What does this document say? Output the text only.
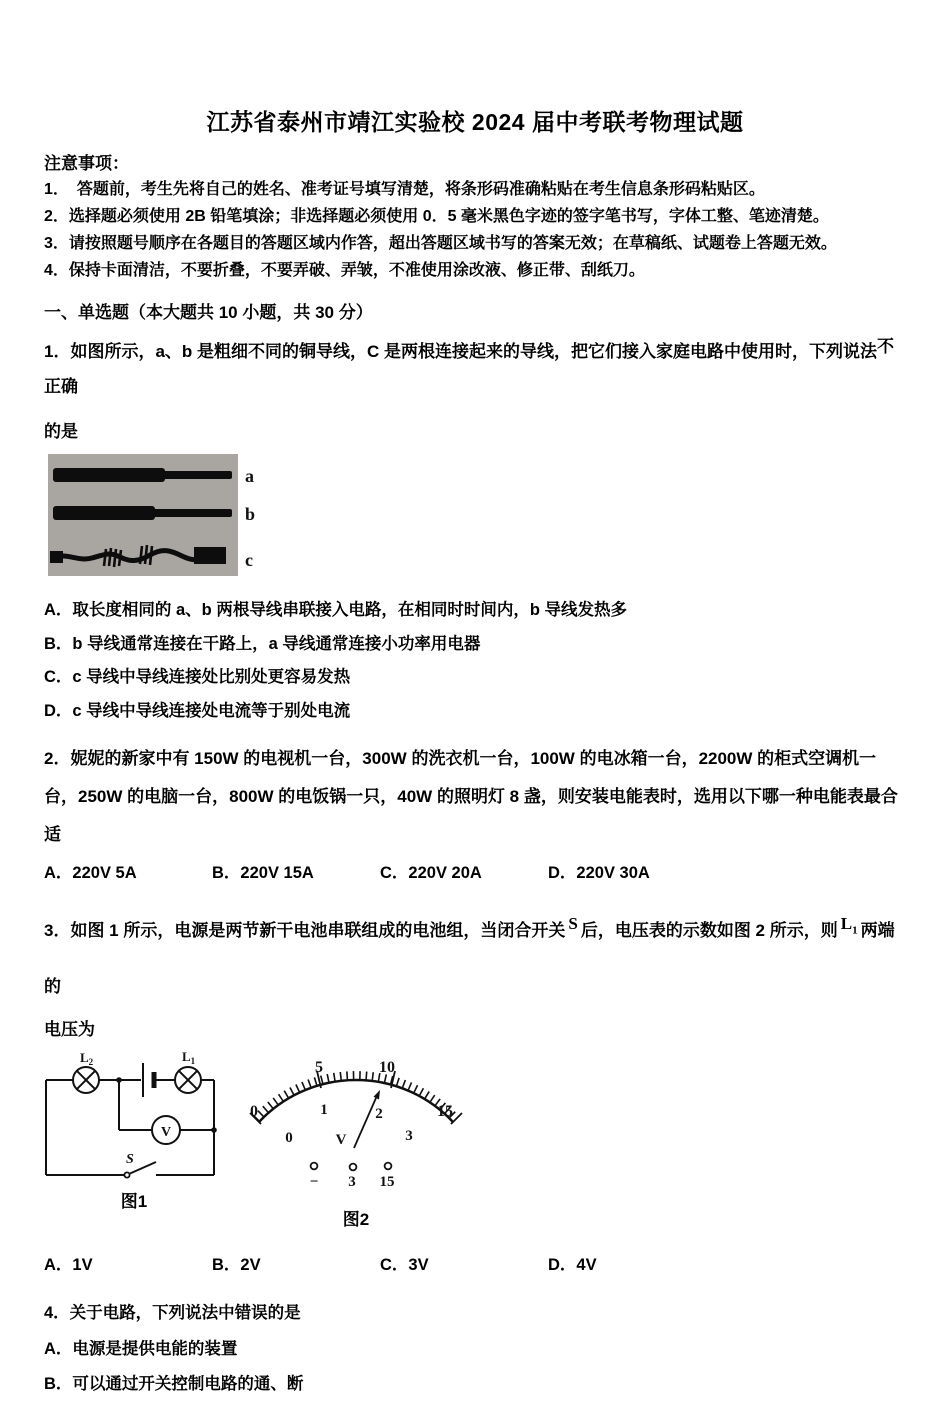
江苏省泰州市靖江实验校 2024 届中考联考物理试题
注意事项：
1．　答题前，考生先将自己的姓名、准考证号填写清楚，将条形码准确粘贴在考生信息条形码粘贴区。
2．选择题必须使用 2B 铅笔填涂；非选择题必须使用 0．5 毫米黑色字迹的签字笔书写，字体工整、笔迹清楚。
3．请按照题号顺序在各题目的答题区域内作答，超出答题区域书写的答案无效；在草稿纸、试题卷上答题无效。
4．保持卡面清洁，不要折叠，不要弄破、弄皱，不准使用涂改液、修正带、刮纸刀。
一、单选题（本大题共 10 小题，共 30 分）
1．如图所示，a、b 是粗细不同的铜导线，C 是两根连接起来的导线，把它们接入家庭电路中使用时，下列说法不正确
的是
a
b
c
A．取长度相同的 a、b 两根导线串联接入电路，在相同时时间内，b 导线发热多
B．b 导线通常连接在干路上，a 导线通常连接小功率用电器
C．c 导线中导线连接处比别处更容易发热
D．c 导线中导线连接处电流等于别处电流
2．妮妮的新家中有 150W 的电视机一台，300W 的洗衣机一台，100W 的电冰箱一台，2200W 的柜式空调机一台，250W 的电脑一台，800W 的电饭锅一只，40W 的照明灯 8 盏，则安装电能表时，选用以下哪一种电能表最合适
A．220V 5A	B．220V 15A	C．220V 20A	D．220V 30A
3．如图 1 所示，电源是两节新干电池串联组成的电池组，当闭合开关 S 后，电压表的示数如图 2 所示，则 $L_1$ 两端的
电压为
V
$L_2$	$L_1$
S
图1
0
5	10
15
0
1	2
3
V
− 3 15
图2
A．1V	B．2V	C．3V	D．4V
4．关于电路，下列说法中错误的是
A．电源是提供电能的装置
B．可以通过开关控制电路的通、断
